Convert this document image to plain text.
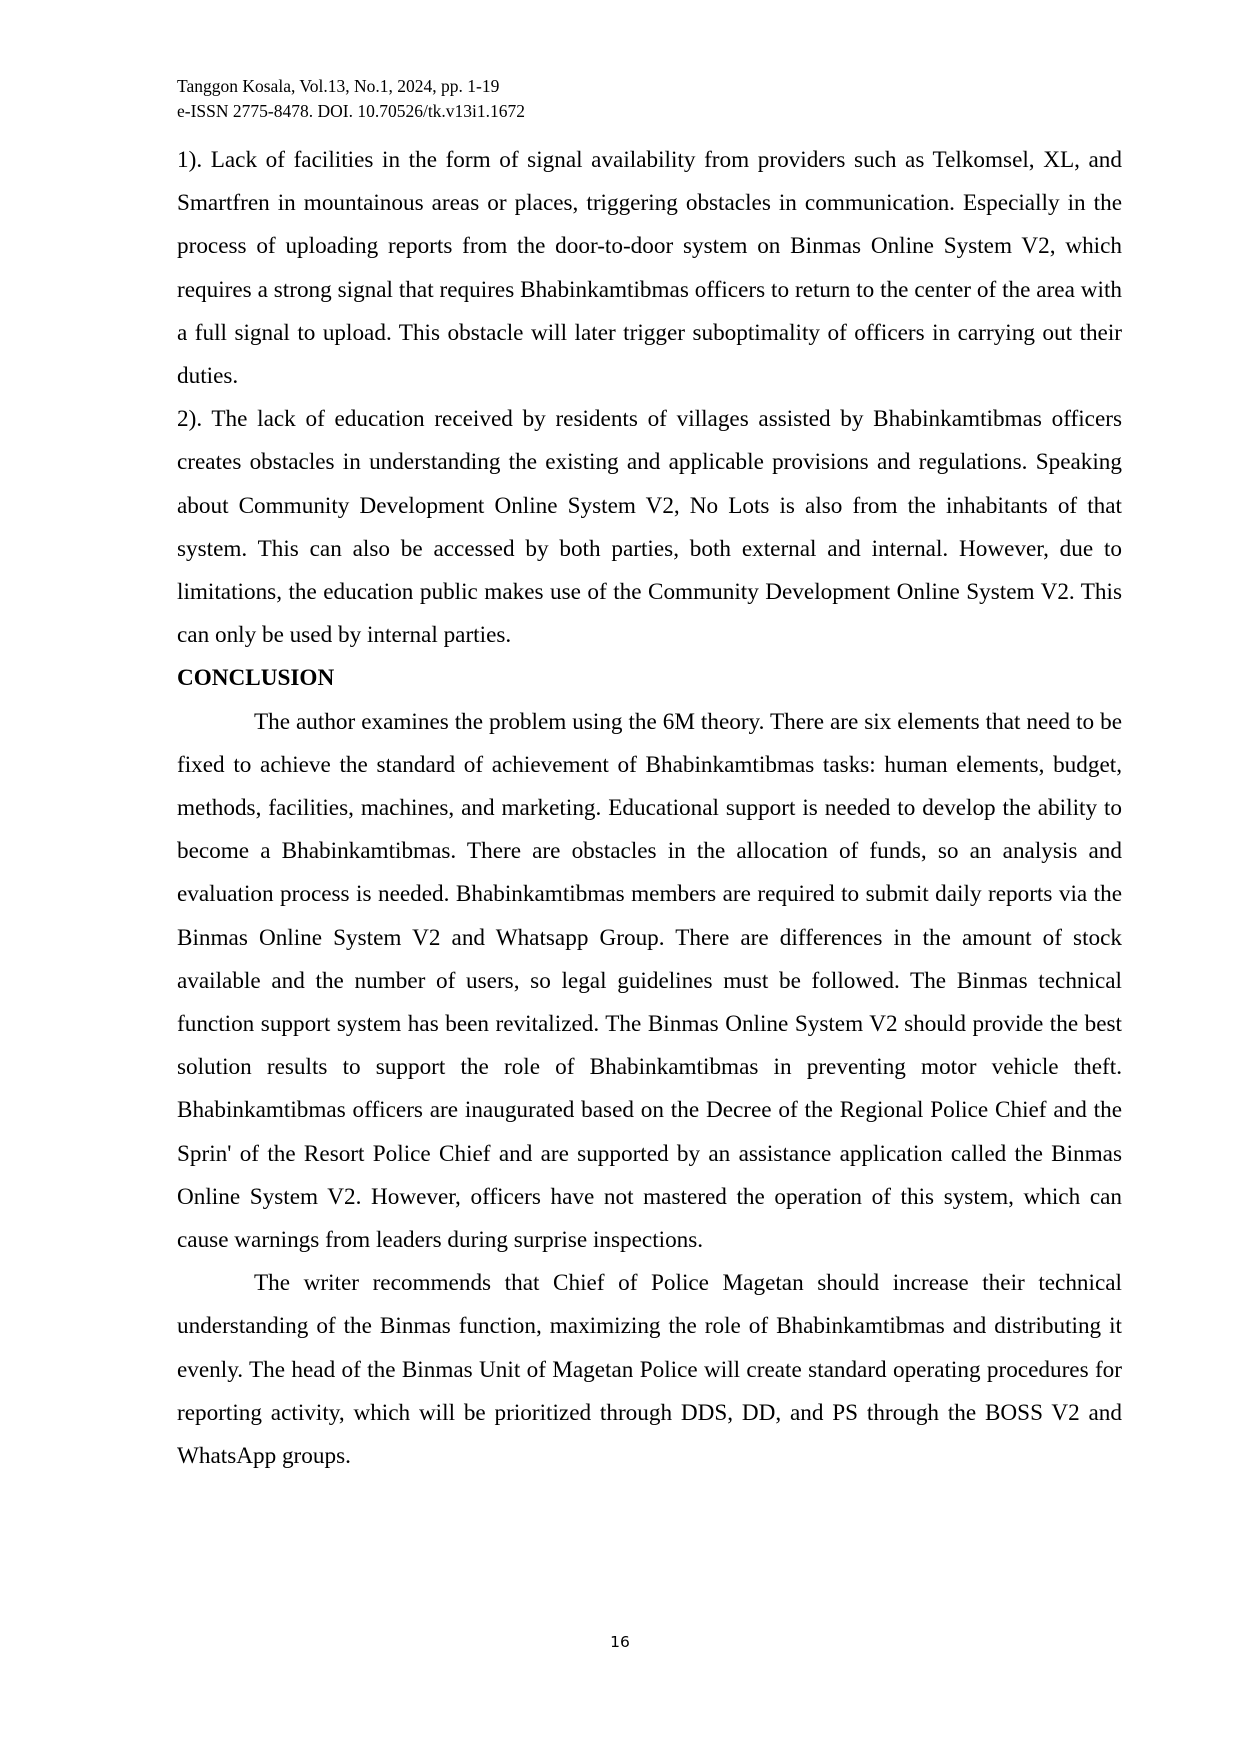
Tanggon Kosala, Vol.13, No.1, 2024, pp. 1-19
e-ISSN 2775-8478. DOI. 10.70526/tk.v13i1.1672

1). Lack of facilities in the form of signal availability from providers such as Telkomsel, XL, and Smartfren in mountainous areas or places, triggering obstacles in communication. Especially in the process of uploading reports from the door-to-door system on Binmas Online System V2, which requires a strong signal that requires Bhabinkamtibmas officers to return to the center of the area with a full signal to upload. This obstacle will later trigger suboptimality of officers in carrying out their duties.

2). The lack of education received by residents of villages assisted by Bhabinkamtibmas officers creates obstacles in understanding the existing and applicable provisions and regulations. Speaking about Community Development Online System V2, No Lots is also from the inhabitants of that system. This can also be accessed by both parties, both external and internal. However, due to limitations, the education public makes use of the Community Development Online System V2. This can only be used by internal parties.

CONCLUSION

The author examines the problem using the 6M theory. There are six elements that need to be fixed to achieve the standard of achievement of Bhabinkamtibmas tasks: human elements, budget, methods, facilities, machines, and marketing. Educational support is needed to develop the ability to become a Bhabinkamtibmas. There are obstacles in the allocation of funds, so an analysis and evaluation process is needed. Bhabinkamtibmas members are required to submit daily reports via the Binmas Online System V2 and Whatsapp Group. There are differences in the amount of stock available and the number of users, so legal guidelines must be followed. The Binmas technical function support system has been revitalized. The Binmas Online System V2 should provide the best solution results to support the role of Bhabinkamtibmas in preventing motor vehicle theft. Bhabinkamtibmas officers are inaugurated based on the Decree of the Regional Police Chief and the Sprin' of the Resort Police Chief and are supported by an assistance application called the Binmas Online System V2. However, officers have not mastered the operation of this system, which can cause warnings from leaders during surprise inspections.

The writer recommends that Chief of Police Magetan should increase their technical understanding of the Binmas function, maximizing the role of Bhabinkamtibmas and distributing it evenly. The head of the Binmas Unit of Magetan Police will create standard operating procedures for reporting activity, which will be prioritized through DDS, DD, and PS through the BOSS V2 and WhatsApp groups.

16
